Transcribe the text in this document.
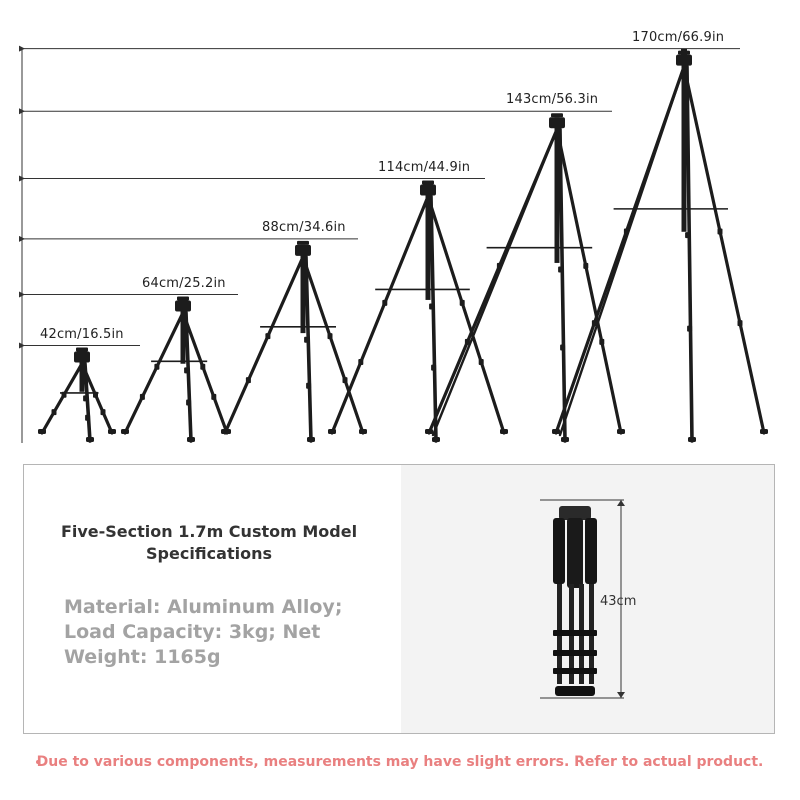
42cm/16.5in
64cm/25.2in
88cm/34.6in
114cm/44.9in
143cm/56.3in
170cm/66.9in
Five-Section 1.7m Custom Model Specifications
Material: Aluminum Alloy; Load Capacity: 3kg; Net Weight: 1165g
43cm
Due to various components, measurements may have slight errors. Refer to actual product.
